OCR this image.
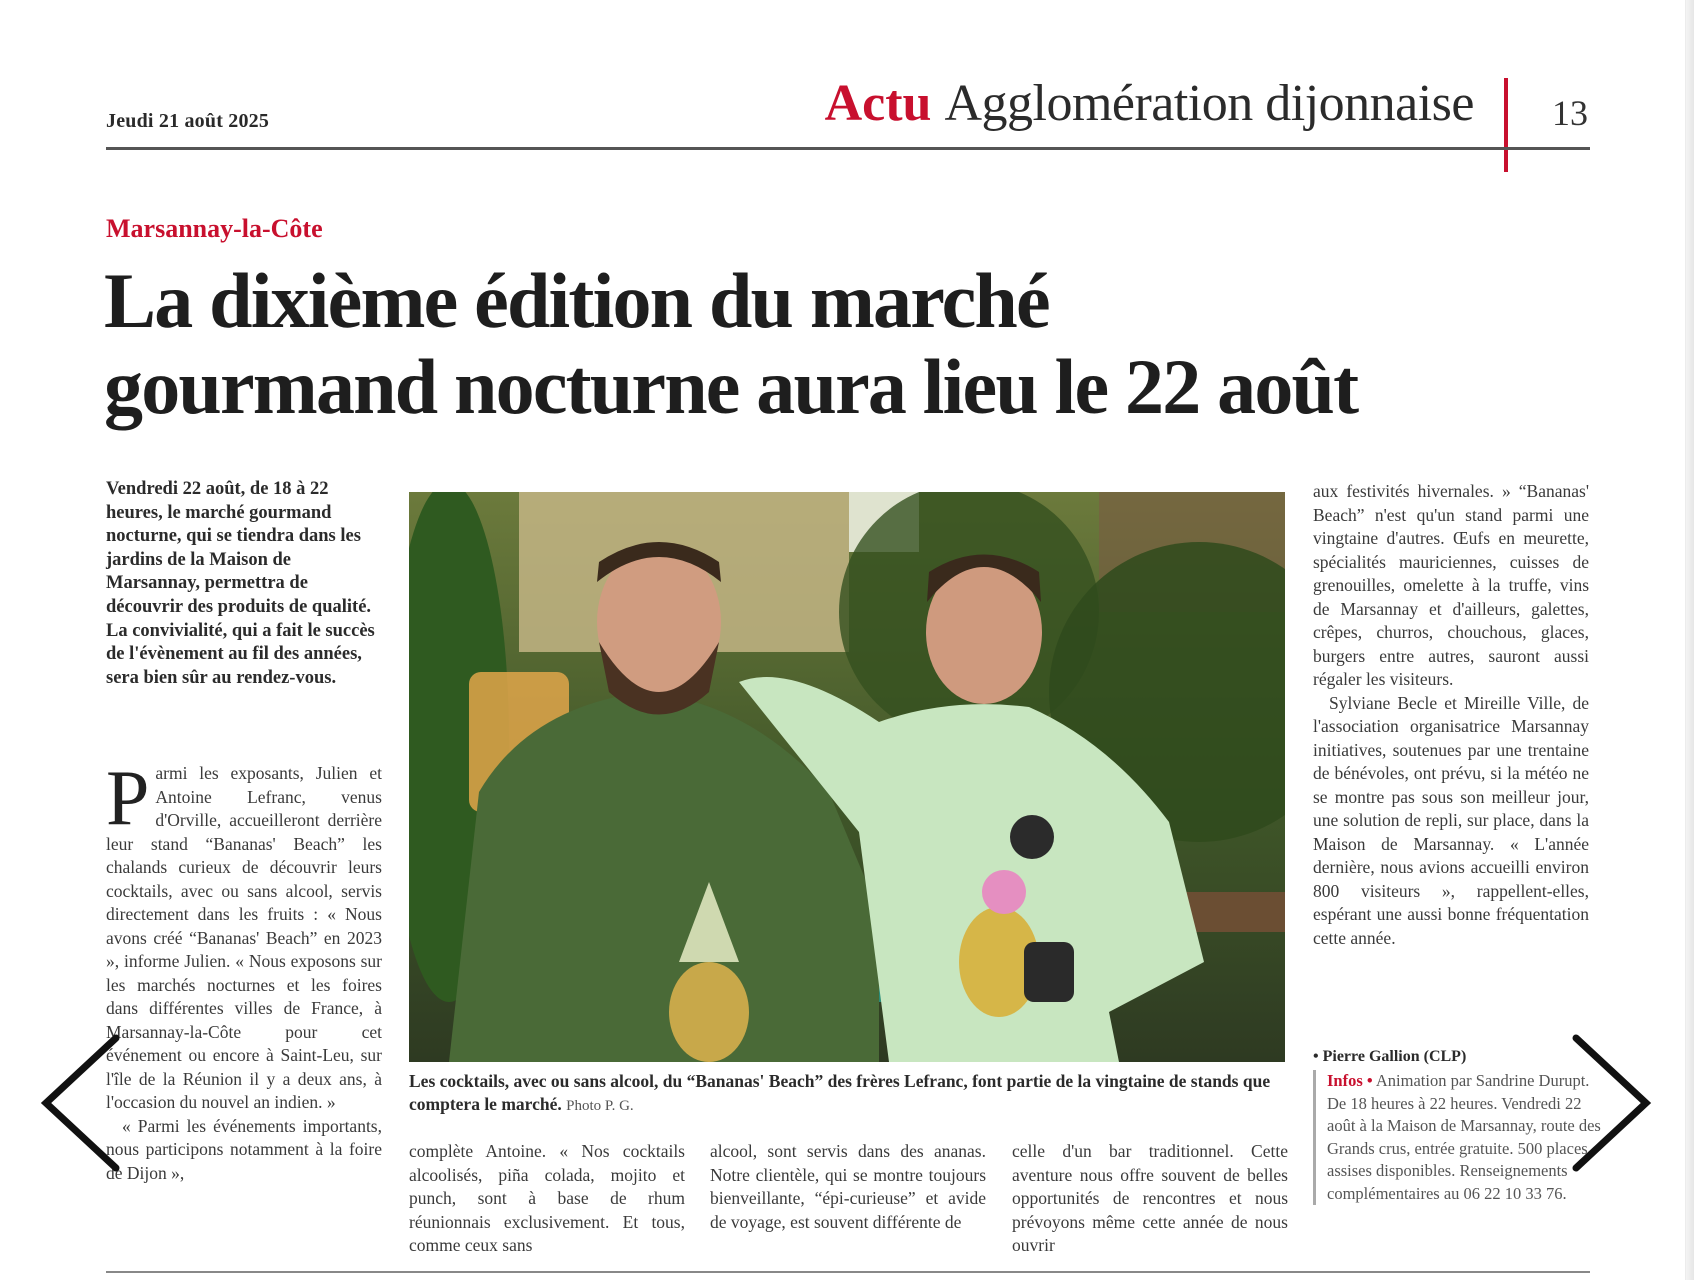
Jeudi 21 août 2025	Actu Agglomération dijonnaise 13
Marsannay-la-Côte
La dixième édition du marché
gourmand nocturne aura lieu le 22 août
Vendredi 22 août, de 18 à 22 heures, le marché gourmand nocturne, qui se tiendra dans les jardins de la Maison de Marsannay, permettra de découvrir des produits de qualité. La convivialité, qui a fait le succès de l'évènement au fil des années, sera bien sûr au rendez-vous.

P armi les exposants, Julien et Antoine Lefranc, venus d'Orville, accueilleront derrière leur stand “Bananas' Beach” les chalands curieux de découvrir leurs cocktails, avec ou sans alcool, servis directement dans les fruits : « Nous avons créé “Bananas' Beach” en 2023 », informe Julien. « Nous exposons sur les marchés nocturnes et les foires dans différentes villes de France, à Marsannay-la-Côte pour cet événement ou encore à Saint-Leu, sur l'île de la Réunion il y a deux ans, à l'occasion du nouvel an indien. »

« Parmi les événements importants, nous participons notamment à la foire de Dijon »,

Les cocktails, avec ou sans alcool, du “Bananas' Beach” des frères Lefranc, font partie de la vingtaine de stands que comptera le marché. Photo P. G.
complète Antoine. « Nos cocktails alcoolisés, piña colada, mojito et punch, sont à base de rhum réunionnais exclusivement. Et tous, comme ceux sans
alcool, sont servis dans des ananas. Notre clientèle, qui se montre toujours bienveillante, “épi-curieuse” et avide de voyage, est souvent différente de
celle d'un bar traditionnel. Cette aventure nous offre souvent de belles opportunités de rencontres et nous prévoyons même cette année de nous ouvrir

aux festivités hivernales. » “Bananas' Beach” n'est qu'un stand parmi une vingtaine d'autres. Œufs en meurette, spécialités mauriciennes, cuisses de grenouilles, omelette à la truffe, vins de Marsannay et d'ailleurs, galettes, crêpes, churros, chouchous, glaces, burgers entre autres, sauront aussi régaler les visiteurs.

Sylviane Becle et Mireille Ville, de l'association organisatrice Marsannay initiatives, soutenues par une trentaine de bénévoles, ont prévu, si la météo ne se montre pas sous son meilleur jour, une solution de repli, sur place, dans la Maison de Marsannay. « L'année dernière, nous avions accueilli environ 800 visiteurs », rappellent-elles, espérant une aussi bonne fréquentation cette année.

• Pierre Gallion (CLP)
Infos • Animation par Sandrine Durupt. De 18 heures à 22 heures. Vendredi 22 août à la Maison de Marsannay, route des Grands crus, entrée gratuite. 500 places assises disponibles. Renseignements complémentaires au 06 22 10 33 76.
